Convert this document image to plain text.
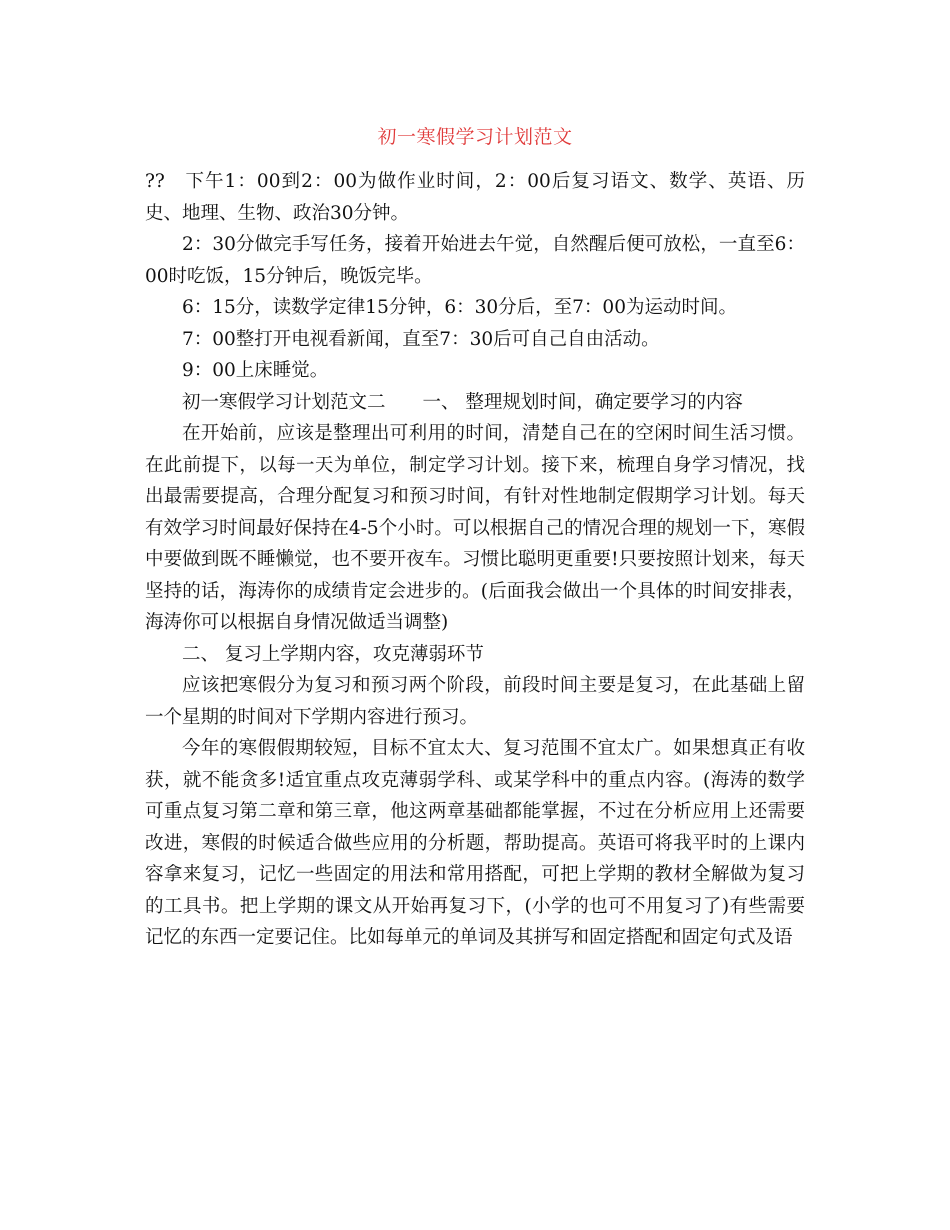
初一寒假学习计划范文

??　下午1：00到2：00为做作业时间，2：00后复习语文、数学、英语、历史、地理、生物、政治30分钟。

2：30分做完手写任务，接着开始进去午觉，自然醒后便可放松，一直至6：00时吃饭，15分钟后，晚饭完毕。

6：15分，读数学定律15分钟，6：30分后，至7：00为运动时间。

7：00整打开电视看新闻，直至7：30后可自己自由活动。

9：00上床睡觉。

初一寒假学习计划范文二　　一、 整理规划时间，确定要学习的内容

在开始前，应该是整理出可利用的时间，清楚自己在的空闲时间生活习惯。在此前提下，以每一天为单位，制定学习计划。接下来，梳理自身学习情况，找出最需要提高，合理分配复习和预习时间，有针对性地制定假期学习计划。每天有效学习时间最好保持在4-5个小时。可以根据自己的情况合理的规划一下，寒假中要做到既不睡懒觉，也不要开夜车。习惯比聪明更重要!只要按照计划来，每天坚持的话，海涛你的成绩肯定会进步的。(后面我会做出一个具体的时间安排表，海涛你可以根据自身情况做适当调整)

二、 复习上学期内容，攻克薄弱环节

应该把寒假分为复习和预习两个阶段，前段时间主要是复习，在此基础上留一个星期的时间对下学期内容进行预习。

今年的寒假假期较短，目标不宜太大、复习范围不宜太广。如果想真正有收获，就不能贪多!适宜重点攻克薄弱学科、或某学科中的重点内容。(海涛的数学可重点复习第二章和第三章，他这两章基础都能掌握，不过在分析应用上还需要改进，寒假的时候适合做些应用的分析题，帮助提高。英语可将我平时的上课内容拿来复习，记忆一些固定的用法和常用搭配，可把上学期的教材全解做为复习的工具书。把上学期的课文从开始再复习下，(小学的也可不用复习了)有些需要记忆的东西一定要记住。比如每单元的单词及其拼写和固定搭配和固定句式及语
